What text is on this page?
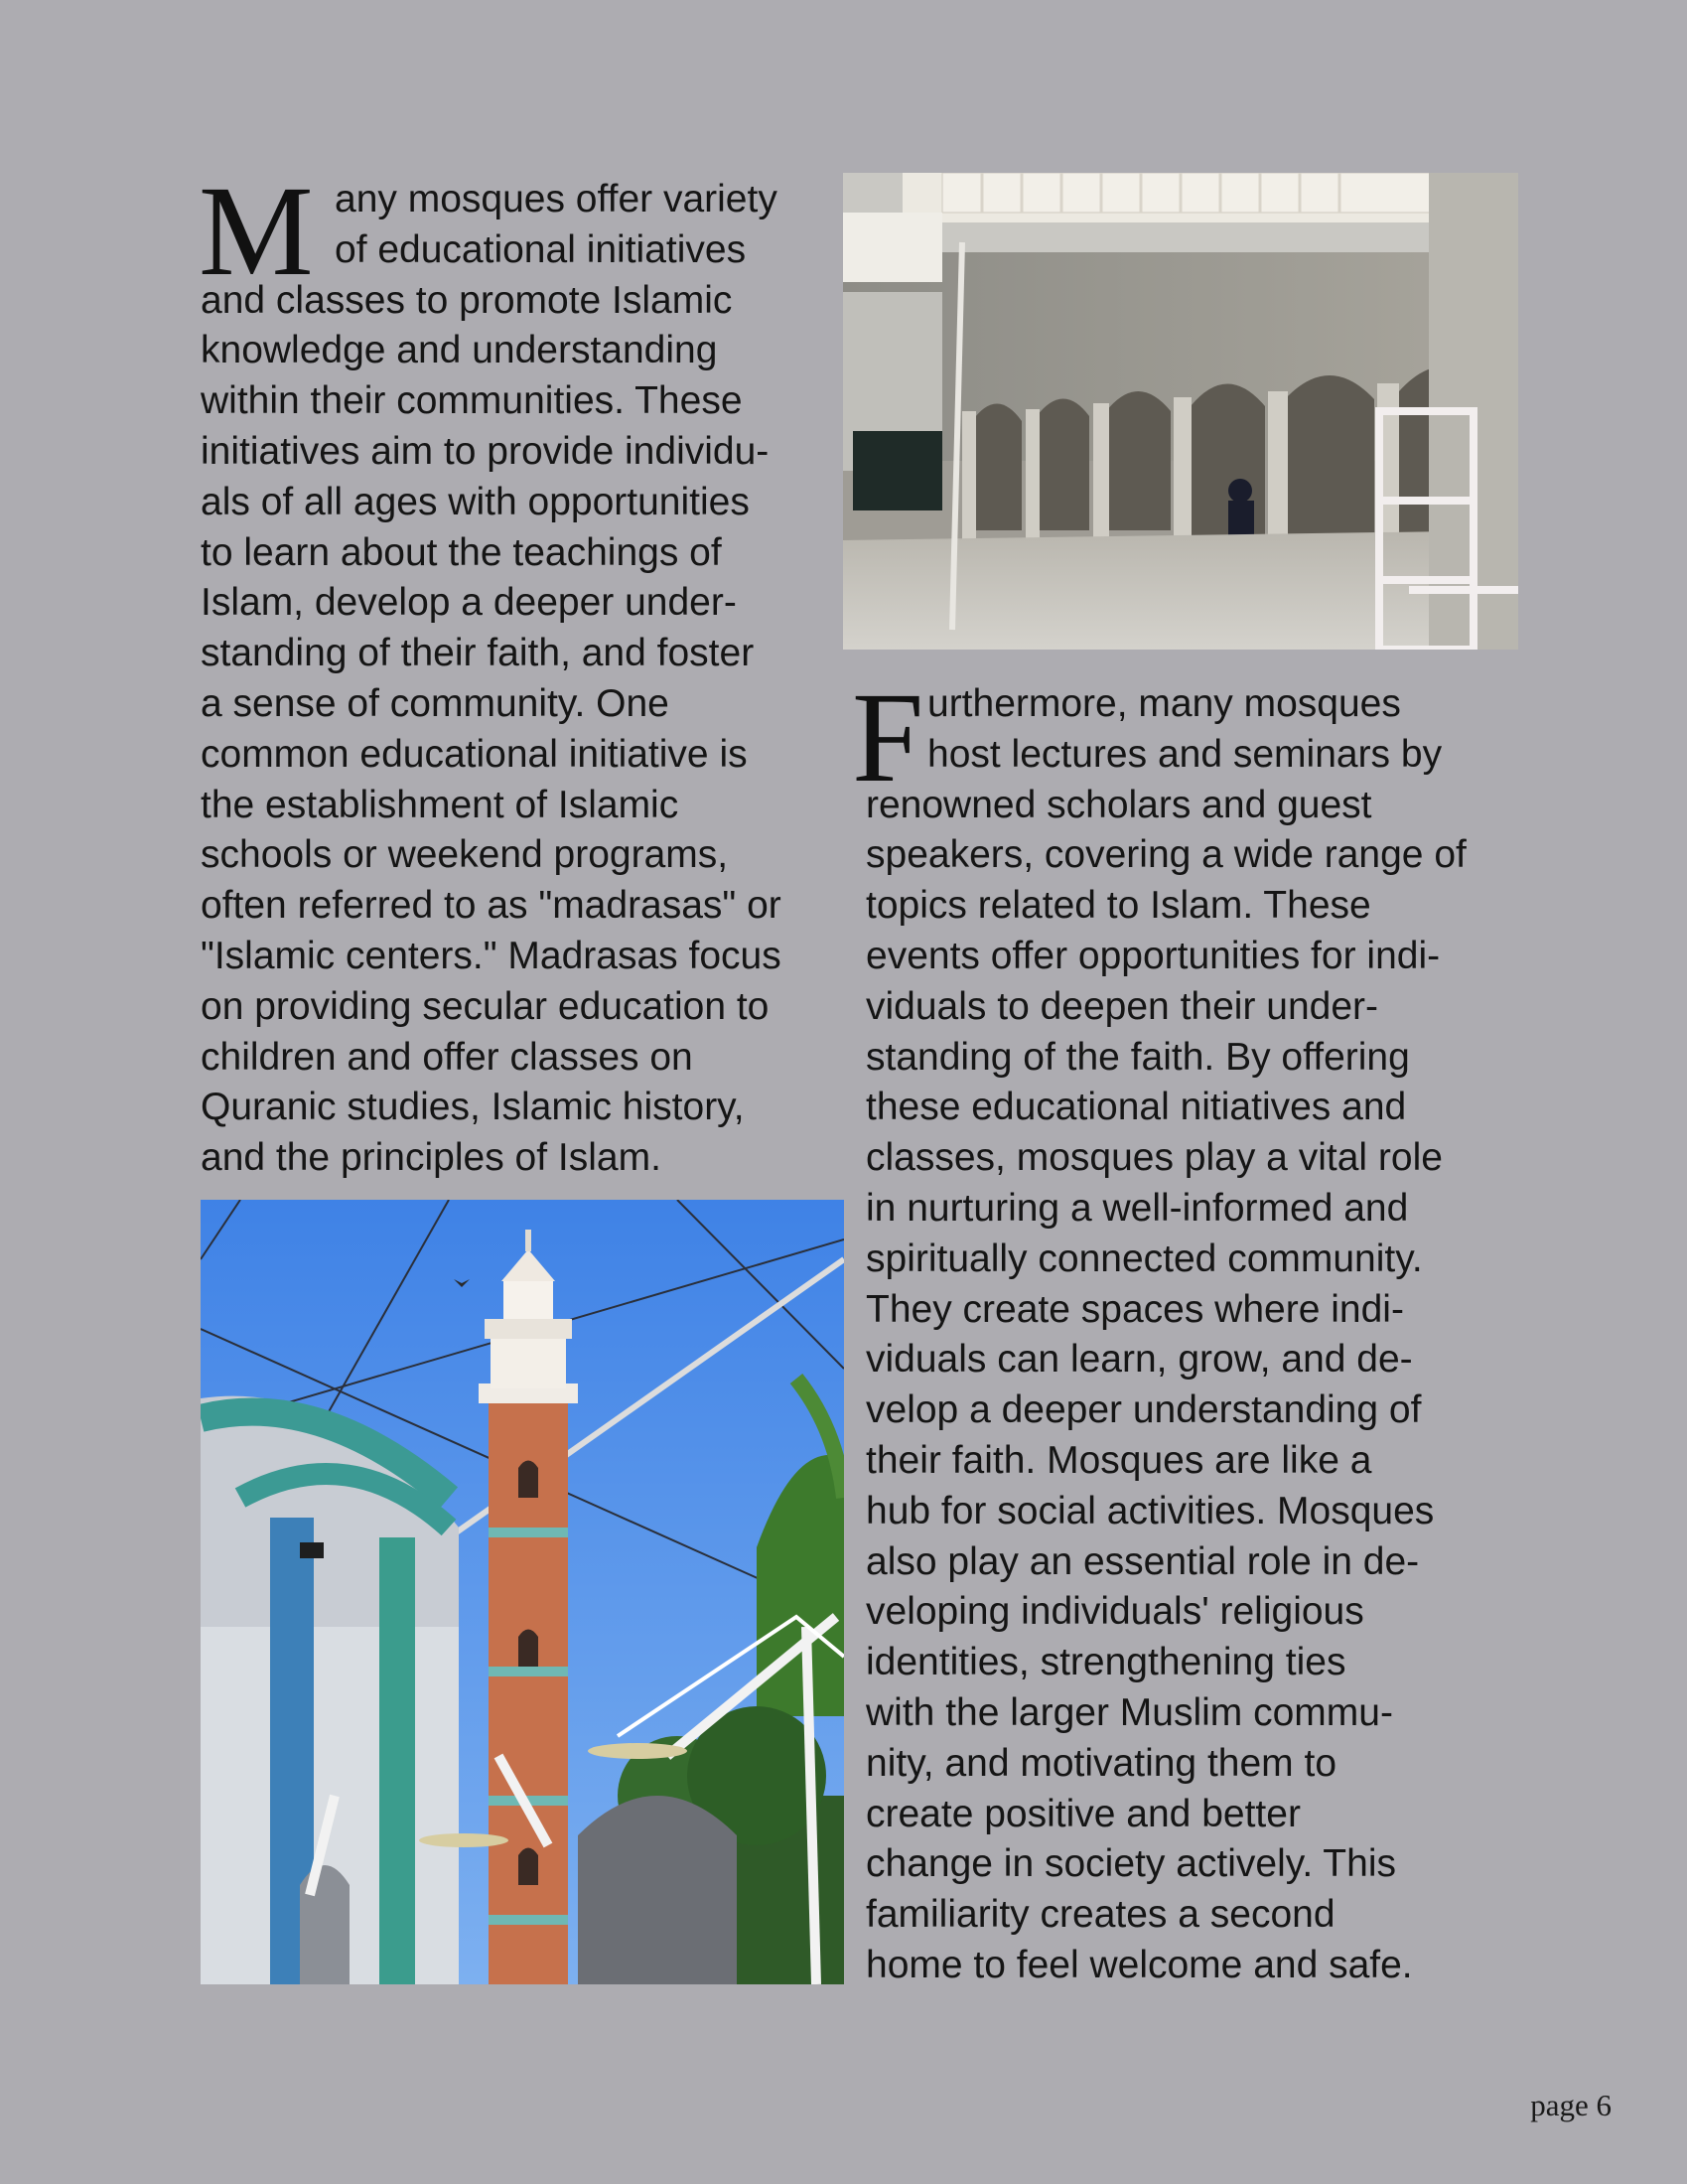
M any mosques offer variety
of educational initiatives
and classes to promote Islamic
knowledge and understanding
within their communities. These
initiatives aim to provide individu-
als of all ages with opportunities
to learn about the teachings of
Islam, develop a deeper under-
standing of their faith, and foster
a sense of community. One
common educational initiative is
the establishment of Islamic
schools or weekend programs,
often referred to as "madrasas" or
"Islamic centers." Madrasas focus
on providing secular education to
children and offer classes on
Quranic studies, Islamic history,
and the principles of Islam.

F urthermore, many mosques
host lectures and seminars by
renowned scholars and guest
speakers, covering a wide range of
topics related to Islam. These
events offer opportunities for indi-
viduals to deepen their under-
standing of the faith. By offering
these educational nitiatives and
classes, mosques play a vital role
in nurturing a well-informed and
spiritually connected community.
They create spaces where indi-
viduals can learn, grow, and de-
velop a deeper understanding of
their faith. Mosques are like a
hub for social activities. Mosques
also play an essential role in de-
veloping individuals' religious
identities, strengthening ties
with the larger Muslim commu-
nity, and motivating them to
create positive and better
change in society actively. This
familiarity creates a second
home to feel welcome and safe.

page 6
